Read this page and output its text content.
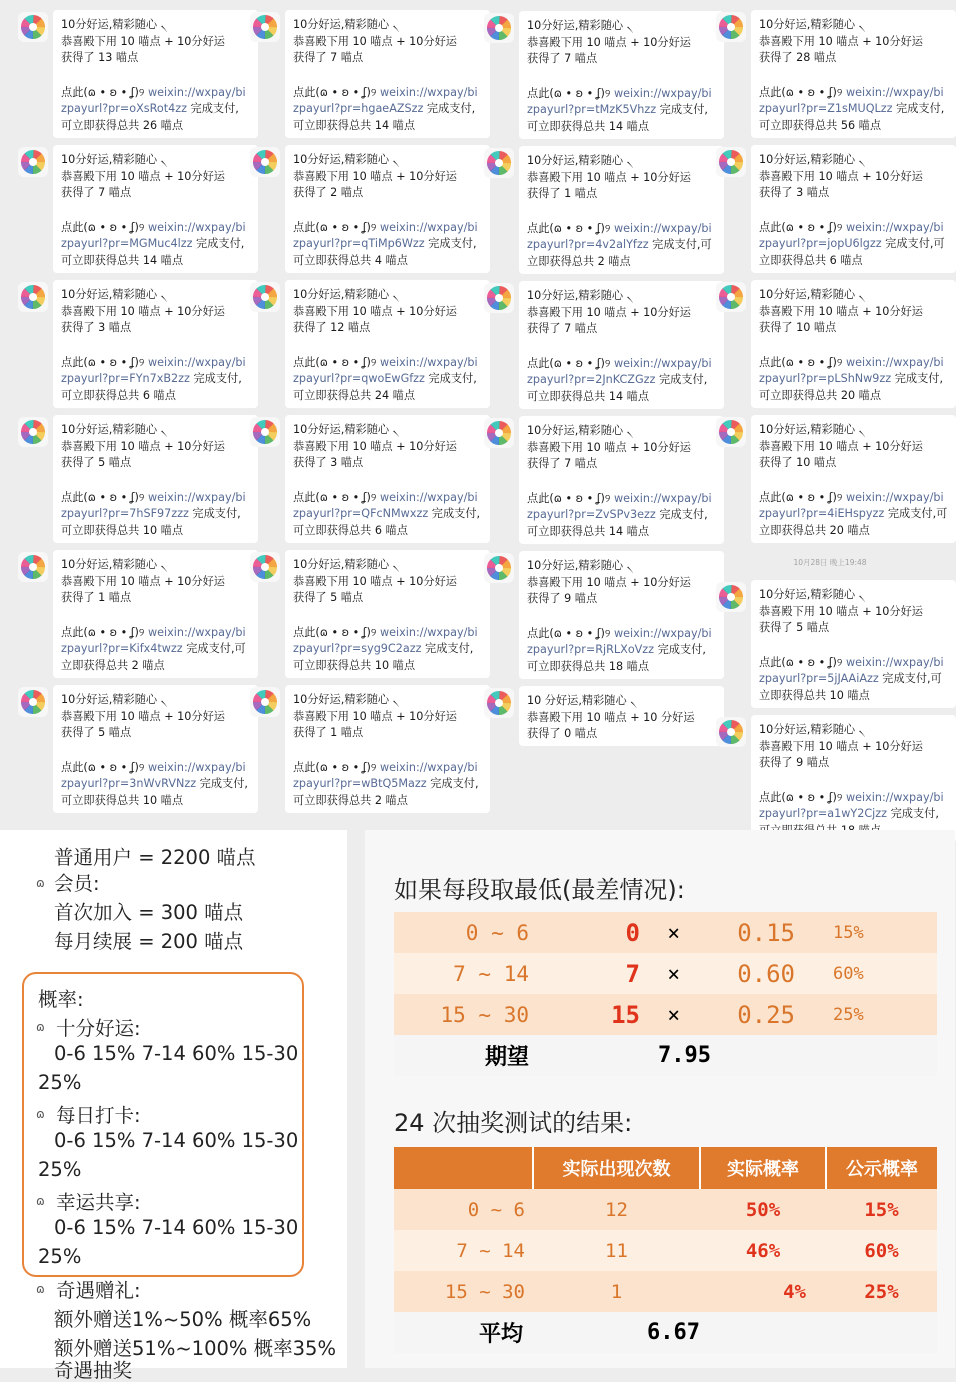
10分好运,精彩随心 ৲
恭喜殿下用 10 喵点 + 10分好运
获得了 13 喵点
点此(ɷ • ʚ • ʆ)୨ weixin://wxpay/bizpayurl?pr=oXsRot4zz 完成支付,可立即获得总共 26 喵点
10分好运,精彩随心 ৲
恭喜殿下用 10 喵点 + 10分好运
获得了 7 喵点
点此(ɷ • ʚ • ʆ)୨ weixin://wxpay/bizpayurl?pr=MGMuc4lzz 完成支付,可立即获得总共 14 喵点
10分好运,精彩随心 ৲
恭喜殿下用 10 喵点 + 10分好运
获得了 3 喵点
点此(ɷ • ʚ • ʆ)୨ weixin://wxpay/bizpayurl?pr=FYn7xB2zz 完成支付,可立即获得总共 6 喵点
10分好运,精彩随心 ৲
恭喜殿下用 10 喵点 + 10分好运
获得了 5 喵点
点此(ɷ • ʚ • ʆ)୨ weixin://wxpay/bizpayurl?pr=7hSF97zzz 完成支付,可立即获得总共 10 喵点
10分好运,精彩随心 ৲
恭喜殿下用 10 喵点 + 10分好运
获得了 1 喵点
点此(ɷ • ʚ • ʆ)୨ weixin://wxpay/bizpayurl?pr=Kifx4twzz 完成支付,可立即获得总共 2 喵点
10分好运,精彩随心 ৲
恭喜殿下用 10 喵点 + 10分好运
获得了 5 喵点
点此(ɷ • ʚ • ʆ)୨ weixin://wxpay/bizpayurl?pr=3nWvRVNzz 完成支付,可立即获得总共 10 喵点
10分好运,精彩随心 ৲
恭喜殿下用 10 喵点 + 10分好运
获得了 7 喵点
点此(ɷ • ʚ • ʆ)୨ weixin://wxpay/bizpayurl?pr=hgaeAZSzz 完成支付,可立即获得总共 14 喵点
10分好运,精彩随心 ৲
恭喜殿下用 10 喵点 + 10分好运
获得了 2 喵点
点此(ɷ • ʚ • ʆ)୨ weixin://wxpay/bizpayurl?pr=qTiMp6Wzz 完成支付,可立即获得总共 4 喵点
10分好运,精彩随心 ৲
恭喜殿下用 10 喵点 + 10分好运
获得了 12 喵点
点此(ɷ • ʚ • ʆ)୨ weixin://wxpay/bizpayurl?pr=qwoEwGfzz 完成支付,可立即获得总共 24 喵点
10分好运,精彩随心 ৲
恭喜殿下用 10 喵点 + 10分好运
获得了 3 喵点
点此(ɷ • ʚ • ʆ)୨ weixin://wxpay/bizpayurl?pr=QFcNMwxzz 完成支付,可立即获得总共 6 喵点
10分好运,精彩随心 ৲
恭喜殿下用 10 喵点 + 10分好运
获得了 5 喵点
点此(ɷ • ʚ • ʆ)୨ weixin://wxpay/bizpayurl?pr=syg9C2azz 完成支付,可立即获得总共 10 喵点
10分好运,精彩随心 ৲
恭喜殿下用 10 喵点 + 10分好运
获得了 1 喵点
点此(ɷ • ʚ • ʆ)୨ weixin://wxpay/bizpayurl?pr=wBtQ5Mazz 完成支付,可立即获得总共 2 喵点
10分好运,精彩随心 ৲
恭喜殿下用 10 喵点 + 10分好运
获得了 7 喵点
点此(ɷ • ʚ • ʆ)୨ weixin://wxpay/bizpayurl?pr=tMzK5Vhzz 完成支付,可立即获得总共 14 喵点
10分好运,精彩随心 ৲
恭喜殿下用 10 喵点 + 10分好运
获得了 1 喵点
点此(ɷ • ʚ • ʆ)୨ weixin://wxpay/bizpayurl?pr=4v2alYfzz 完成支付,可立即获得总共 2 喵点
10分好运,精彩随心 ৲
恭喜殿下用 10 喵点 + 10分好运
获得了 7 喵点
点此(ɷ • ʚ • ʆ)୨ weixin://wxpay/bizpayurl?pr=2JnKCZGzz 完成支付,可立即获得总共 14 喵点
10分好运,精彩随心 ৲
恭喜殿下用 10 喵点 + 10分好运
获得了 7 喵点
点此(ɷ • ʚ • ʆ)୨ weixin://wxpay/bizpayurl?pr=ZvSPv3ezz 完成支付,可立即获得总共 14 喵点
10分好运,精彩随心 ৲
恭喜殿下用 10 喵点 + 10分好运
获得了 9 喵点
点此(ɷ • ʚ • ʆ)୨ weixin://wxpay/bizpayurl?pr=RjRLXoVzz 完成支付,可立即获得总共 18 喵点
10 分好运,精彩随心 ৲
恭喜殿下用 10 喵点 + 10 分好运
获得了 0 喵点
10分好运,精彩随心 ৲
恭喜殿下用 10 喵点 + 10分好运
获得了 28 喵点
点此(ɷ • ʚ • ʆ)୨ weixin://wxpay/bizpayurl?pr=Z1sMUQLzz 完成支付,可立即获得总共 56 喵点
10分好运,精彩随心 ৲
恭喜殿下用 10 喵点 + 10分好运
获得了 3 喵点
点此(ɷ • ʚ • ʆ)୨ weixin://wxpay/bizpayurl?pr=jopU6lgzz 完成支付,可立即获得总共 6 喵点
10分好运,精彩随心 ৲
恭喜殿下用 10 喵点 + 10分好运
获得了 10 喵点
点此(ɷ • ʚ • ʆ)୨ weixin://wxpay/bizpayurl?pr=pLShNw9zz 完成支付,可立即获得总共 20 喵点
10分好运,精彩随心 ৲
恭喜殿下用 10 喵点 + 10分好运
获得了 10 喵点
点此(ɷ • ʚ • ʆ)୨ weixin://wxpay/bizpayurl?pr=4iEHspyzz 完成支付,可立即获得总共 20 喵点
10分好运,精彩随心 ৲
恭喜殿下用 10 喵点 + 10分好运
获得了 5 喵点
点此(ɷ • ʚ • ʆ)୨ weixin://wxpay/bizpayurl?pr=5jJAAiAzz 完成支付,可立即获得总共 10 喵点
10分好运,精彩随心 ৲
恭喜殿下用 10 喵点 + 10分好运
获得了 9 喵点
点此(ɷ • ʚ • ʆ)୨ weixin://wxpay/bizpayurl?pr=a1wY2Cjzz 完成支付,
10月28日 晚上19:48
普通用户 = 2200 喵点
ɷ 会员:
首次加入 = 300 喵点
每月续展 = 200 喵点
概率:
ɷ 十分好运:
0-6 15% 7-14 60% 15-30
25%
ɷ 每日打卡:
0-6 15% 7-14 60% 15-30
25%
ɷ 幸运共享:
0-6 15% 7-14 60% 15-30
25%
ɷ 奇遇赠礼:
额外赠送1%~50% 概率65%
额外赠送51%~100% 概率35%
奇遇抽奖
如果每段取最低(最差情况):
0 ~ 6	0	×	0.15	15%
7 ~ 14	7	×	0.60	60%
15 ~ 30	15	×	0.25	25%
期望	7.95			
24 次抽奖测试的结果:
	实际出现次数	实际概率	公示概率
0 ~ 6	12	50%	15%
7 ~ 14	11	46%	60%
15 ~ 30	1	4%	25%
平均	6.67		
